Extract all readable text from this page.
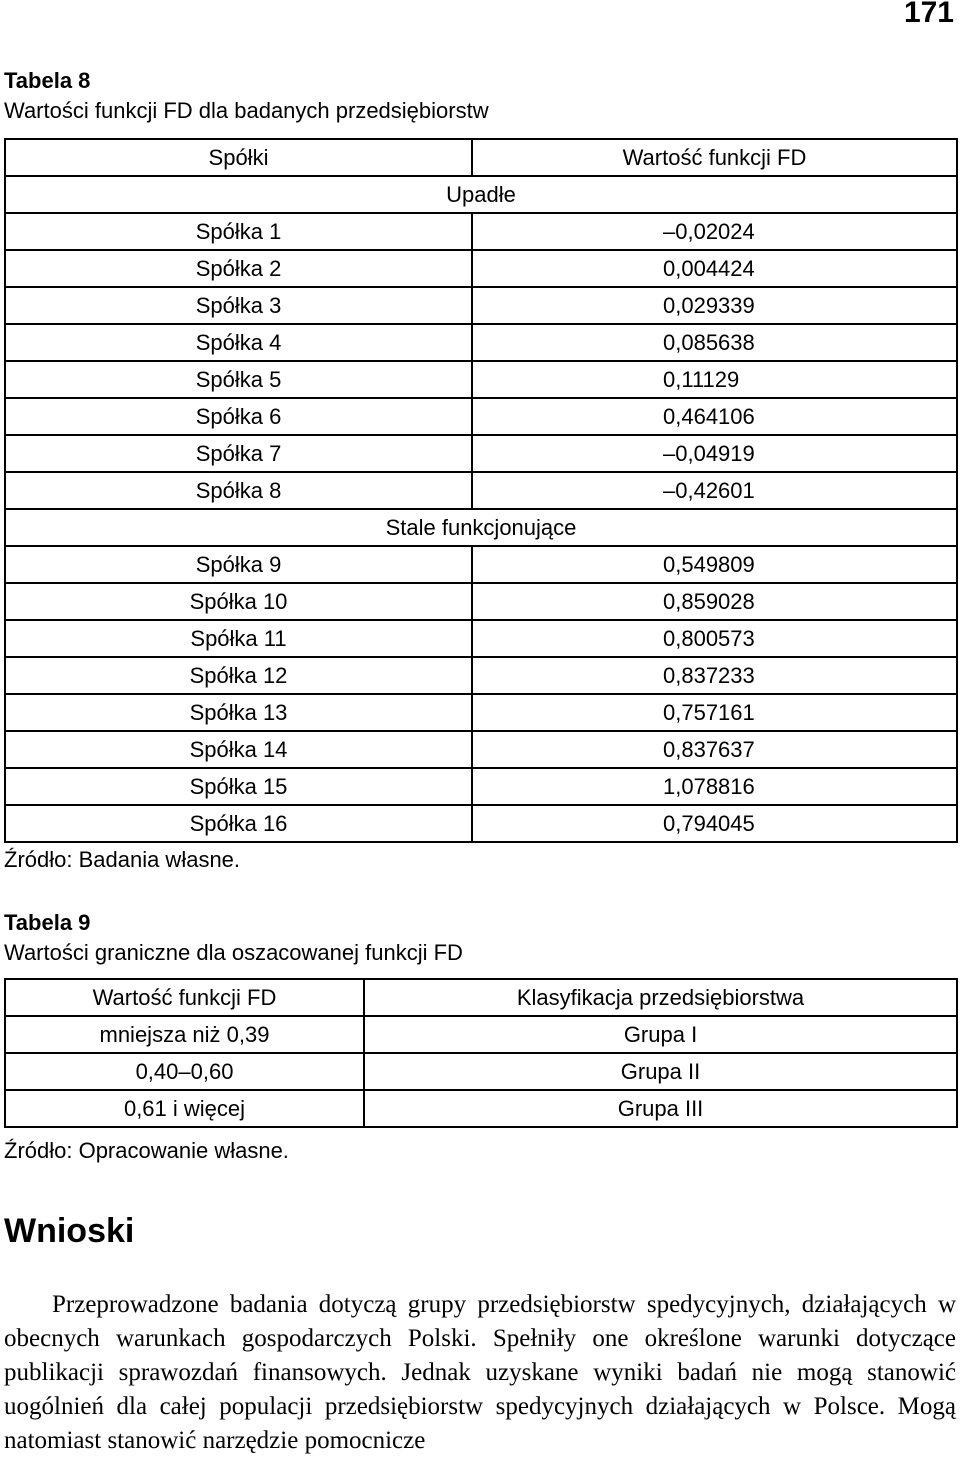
171
Tabela 8
Wartości funkcji FD dla badanych przedsiębiorstw
Spółki	Wartość funkcji FD
Upadłe	
Spółka 1	–0,02024
Spółka 2	0,004424
Spółka 3	0,029339
Spółka 4	0,085638
Spółka 5	0,11129
Spółka 6	0,464106
Spółka 7	–0,04919
Spółka 8	–0,42601
Stale funkcjonujące	
Spółka 9	0,549809
Spółka 10	0,859028
Spółka 11	0,800573
Spółka 12	0,837233
Spółka 13	0,757161
Spółka 14	0,837637
Spółka 15	1,078816
Spółka 16	0,794045
Źródło: Badania własne.
Tabela 9
Wartości graniczne dla oszacowanej funkcji FD
Wartość funkcji FD	Klasyfikacja przedsiębiorstwa
mniejsza niż 0,39	Grupa I
0,40–0,60	Grupa II
0,61 i więcej	Grupa III
Źródło: Opracowanie własne.
Wnioski
Przeprowadzone badania dotyczą grupy przedsiębiorstw spedycyjnych, działających w obecnych warunkach gospodarczych Polski. Spełniły one określone warunki dotyczące publikacji sprawozdań finansowych. Jednak uzyskane wyniki badań nie mogą stanowić uogólnień dla całej populacji przedsiębiorstw spedycyjnych działających w Polsce. Mogą natomiast stanowić narzędzie pomocnicze
